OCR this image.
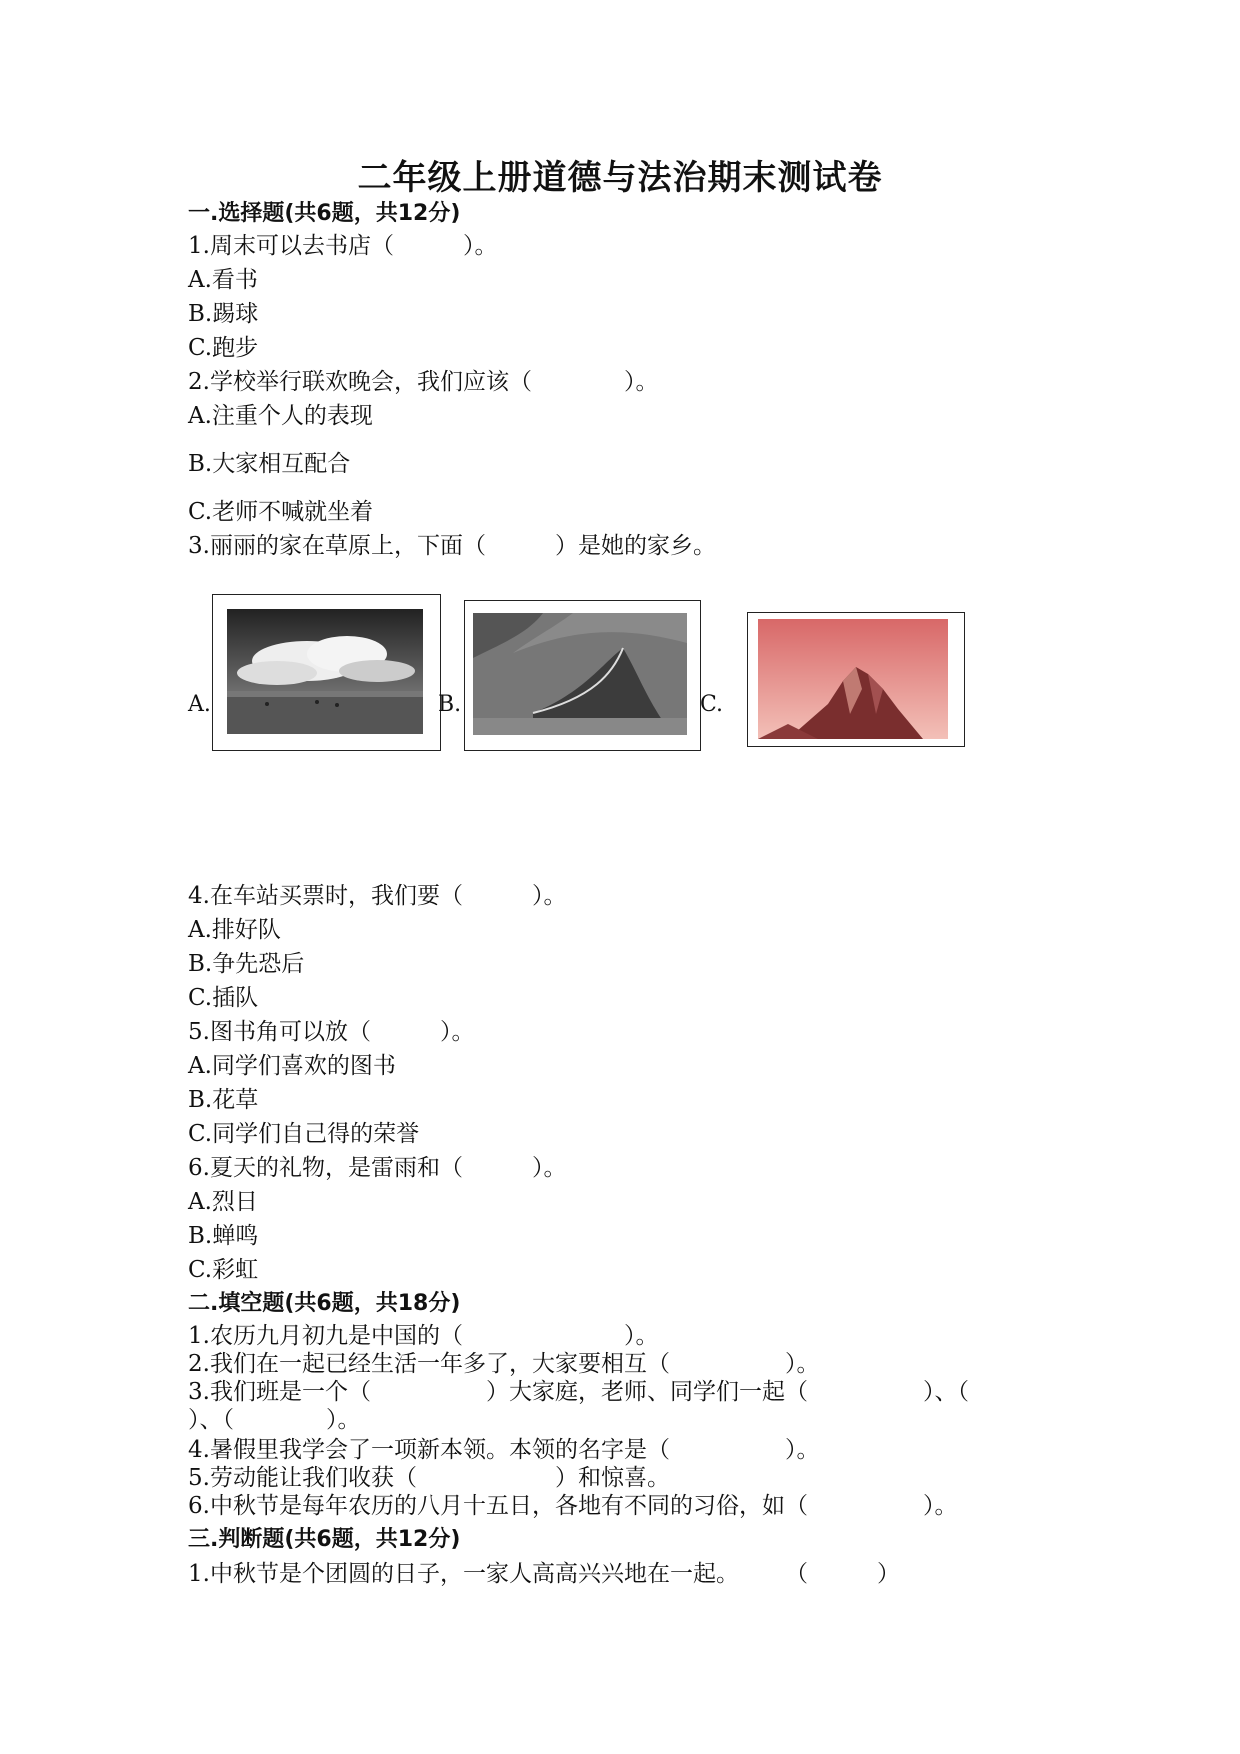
二年级上册道德与法治期末测试卷
一.选择题(共6题，共12分)
1.周末可以去书店（　　　）。
A.看书
B.踢球
C.跑步
2.学校举行联欢晚会，我们应该（　　　　）。
A.注重个人的表现
B.大家相互配合
C.老师不喊就坐着
3.丽丽的家在草原上，下面（　　　）是她的家乡。
A.	B.	C.
4.在车站买票时，我们要（　　　）。
A.排好队
B.争先恐后
C.插队
5.图书角可以放（　　　）。
A.同学们喜欢的图书
B.花草
C.同学们自己得的荣誉
6.夏天的礼物，是雷雨和（　　　）。
A.烈日
B.蝉鸣
C.彩虹
二.填空题(共6题，共18分)
1.农历九月初九是中国的（　　　　　　　）。
2.我们在一起已经生活一年多了，大家要相互（　　　　　）。
3.我们班是一个（　　　　　）大家庭，老师、同学们一起（　　　　　）、（
）、（　　　　）。
4.暑假里我学会了一项新本领。本领的名字是（　　　　　）。
5.劳动能让我们收获（　　　　　　）和惊喜。
6.中秋节是每年农历的八月十五日，各地有不同的习俗，如（　　　　　）。
三.判断题(共6题，共12分)
1.中秋节是个团圆的日子，一家人高高兴兴地在一起。　　　（　　　）
